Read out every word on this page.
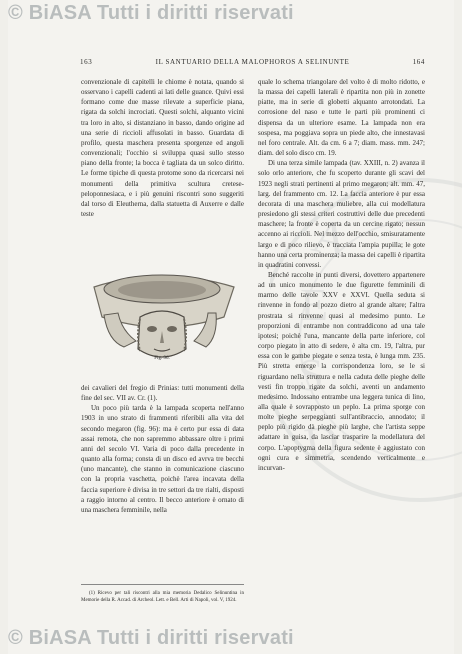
© BiASA Tutti i diritti riservati
A
E
S
D
163	IL SANTUARIO DELLA MALOPHOROS A SELINUNTE	164

convenzionale di capitelli le chiome è notata, quando si osservano i capelli cadenti ai lati delle guance. Quivi essi formano come due masse rilevate a superficie piana, rigata da solchi incrociati. Questi solchi, alquanto vicini tra loro in alto, si distanziano in basso, dando origine ad una serie di riccioli affusolati in basso. Guardata di profilo, questa maschera presenta sporgenze ed angoli convenzionali; l'occhio si sviluppa quasi sullo stesso piano della fronte; la bocca è tagliata da un solco diritto. Le forme tipiche di questa protome sono da ricercarsi nei monumenti della primitiva scultura cretese-peloponnesiaca, e i più genuini riscontri sono suggeriti dal torso di Eleutherna, dalla statuetta di Auxerre e dalle teste

Fig. 96.

dei cavalieri del fregio di Prinias: tutti monumenti della fine del sec. VII av. Cr. (1).

Un poco più tarda è la lampada scoperta nell'anno 1903 in uno strato di frammenti riferibili alla vita del secondo megaron (fig. 96): ma è certo pur essa di data assai remota, che non sapremmo abbassare oltre i primi anni del secolo VI. Varia di poco dalla precedente in quanto alla forma; consta di un disco ed avrva tre becchi (uno mancante), che stanno in comunicazione ciascuno con la propria vaschetta, poichè l'area incavata della faccia superiore è divisa in tre settori da tre rialti, disposti a raggio intorno al centro. Il becco anteriore è ornato di una maschera femminile, nella

(1) Ricevo per tali riscontri alla mia memoria Dedalico Selinuntina in Memorie della R. Accad. di Archeol. Lett. e Bell. Arti di Napoli, vol. V, 1924.

quale lo schema triangolare del volto è di molto ridotto, e la massa dei capelli laterali è ripartita non più in zonette piatte, ma in serie di globetti alquanto arrotondati. La corrosione del naso e tutte le parti più prominenti ci dispensa da un ulteriore esame. La lampada non era sospesa, ma poggiava sopra un piede alto, che innestavasi nel foro centrale. Alt. da cm. 6 a 7; diam. mass. mm. 247; diam. del solo disco cm. 19.

Di una terza simile lampada (tav. XXIII, n. 2) avanza il solo orlo anteriore, che fu scoperto durante gli scavi del 1923 negli strati pertinenti al primo megaron; alt. mm. 47, larg. del frammento cm. 12. La faccia anteriore è pur essa decorata di una maschera muliebre, alla cui modellatura presiedono gli stessi criteri costruttivi delle due precedenti maschere; la fronte è coperta da un cercine rigato; nessun accenno ai riccioli. Nel mezzo dell'occhio, smisuratamente largo e di poco rilievo, è tracciata l'ampia pupilla; le gote hanno una certa prominenza; la massa dei capelli è ripartita in quadratini convessi.

Benché raccolte in punti diversi, dovettero appartenere ad un unico monumento le due figurette femminili di marmo delle tavole XXV e XXVI. Quella seduta si rinvenne in fondo al pozzo dietro al grande altare; l'altra prostrata si rinvenne quasi al medesimo punto. Le proporzioni di entrambe non contraddicono ad una tale ipotesi; poichè l'una, mancante della parte inferiore, col corpo piegato in atto di sedere, è alta cm. 19, l'altra, pur essa con le gambe piegate e senza testa, è lunga mm. 235. Più stretta emerge la corrispondenza loro, se le si riguardano nella struttura e nella caduta delle pieghe delle vesti fin troppo rigate da solchi, aventi un andamento medesimo. Indossano entrambe una leggera tunica di lino, alla quale è sovrapposto un peplo. La prima sporge con molte pieghe serpeggianti sull'antibraccio, annodato; il peplo più rigido dà pieghe più larghe, che l'artista seppe adattare in guisa, da lasciar trasparire la modellatura del corpo. L'apoptygma della figura sedente è aggiustato con ogni cura e simmetria, scendendo verticalmente e incurvan-

© BiASA Tutti i diritti riservati
